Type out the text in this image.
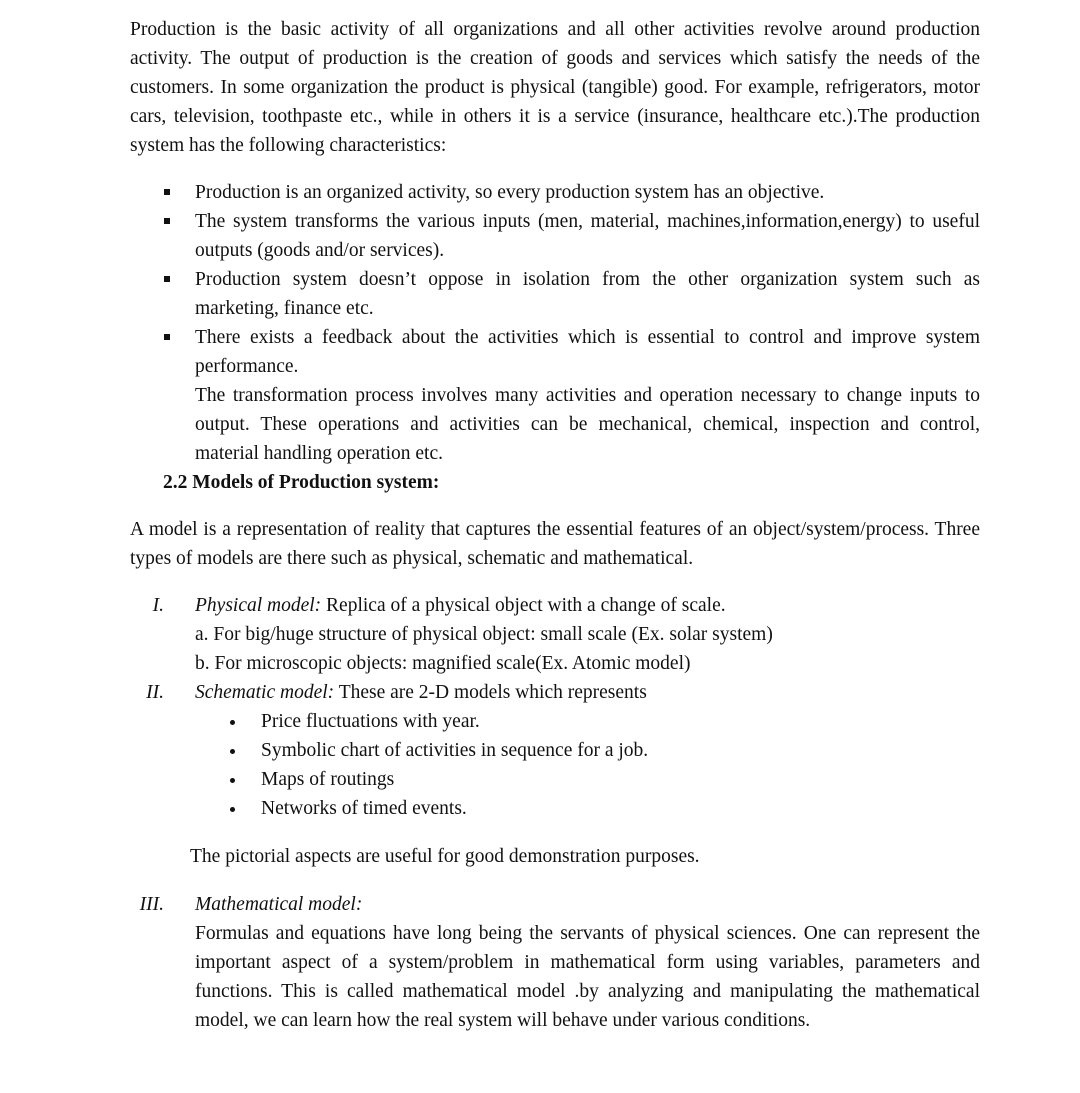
Production is the basic activity of all organizations and all other activities revolve around production activity. The output of production is the creation of goods and services which satisfy the needs of the customers. In some organization the product is physical (tangible) good. For example, refrigerators, motor cars, television, toothpaste etc., while in others it is a service (insurance, healthcare etc.).The production system has the following characteristics:

Production is an organized activity, so every production system has an objective.
The system transforms the various inputs (men, material, machines,information,energy) to useful outputs (goods and/or services).
Production system doesn’t oppose in isolation from the other organization system such as marketing, finance etc.
There exists a feedback about the activities which is essential to control and improve system performance.

The transformation process involves many activities and operation necessary to change inputs to output. These operations and activities can be mechanical, chemical, inspection and control, material handling operation etc.

2.2 Models of Production system:

A model is a representation of reality that captures the essential features of an object/system/process. Three types of models are there such as physical, schematic and mathematical.

I. Physical model: Replica of a physical object with a change of scale.

a. For big/huge structure of physical object: small scale (Ex. solar system)

b. For microscopic objects: magnified scale(Ex. Atomic model)

II. Schematic model: These are 2-D models which represents

Price fluctuations with year.
Symbolic chart of activities in sequence for a job.
Maps of routings
Networks of timed events.

The pictorial aspects are useful for good demonstration purposes.

III. Mathematical model:

Formulas and equations have long being the servants of physical sciences. One can represent the important aspect of a system/problem in mathematical form using variables, parameters and functions. This is called mathematical model .by analyzing and manipulating the mathematical model, we can learn how the real system will behave under various conditions.
